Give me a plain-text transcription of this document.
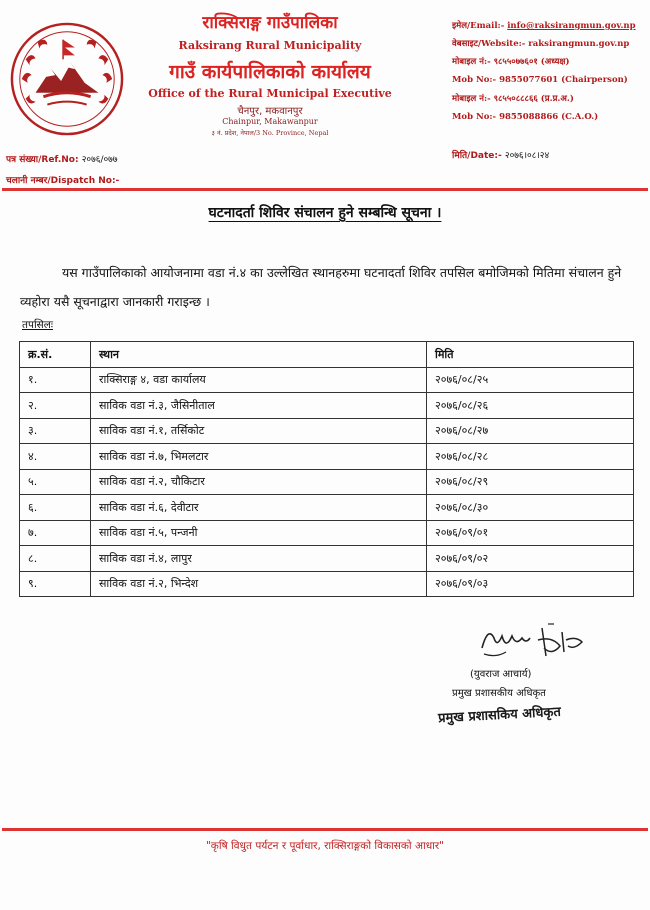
राक्सिराङ्ग गाउँपालिका
Raksirang Rural Municipality
गाउँ कार्यपालिकाको कार्यालय
Office of the Rural Municipal Executive
चैनपुर, मकवानपुर
Chainpur, Makawanpur
३ नं. प्रदेश, नेपाल/3 No. Province, Nepal
इमेल/Email:- info@raksirangmun.gov.np
वेबसाइट/Website:- raksirangmun.gov.np
मोबाइल नं:- ९८५५०७७६०१ (अध्यक्ष)
Mob No:- 9855077601 (Chairperson)
मोबाइल नं:- ९८५५०८८८६६ (प्र.प्र.अ.)
Mob No:- 9855088866 (C.A.O.)
पत्र संख्या/Ref.No: २०७६/०७७
चलानी नम्बर/Dispatch No:-
मिति/Date:- २०७६।०८।२४
घटनादर्ता शिविर संचालन हुने सम्बन्धि सूचना ।
यस गाउँपालिकाको आयोजनामा वडा नं.४ का उल्लेखित स्थानहरुमा घटनादर्ता शिविर तपसिल बमोजिमको मितिमा संचालन हुने व्यहोरा यसै सूचनाद्वारा जानकारी गराइन्छ ।
तपसिलः
क्र.सं.	स्थान	मिति
१.	राक्सिराङ्ग ४, वडा कार्यालय	२०७६/०८/२५
२.	साविक वडा नं.३, जैसिनीताल	२०७६/०८/२६
३.	साविक वडा नं.१, तर्सिकोट	२०७६/०८/२७
४.	साविक वडा नं.७, भिमलटार	२०७६/०८/२८
५.	साविक वडा नं.२, चौकिटार	२०७६/०८/२९
६.	साविक वडा नं.६, देवीटार	२०७६/०८/३०
७.	साविक वडा नं.५, पन्जनी	२०७६/०९/०१
८.	साविक वडा नं.४, लापुर	२०७६/०९/०२
९.	साविक वडा नं.२, भिन्देश	२०७६/०९/०३
(युवराज आचार्य)
प्रमुख प्रशासकीय अधिकृत
प्रमुख प्रशासकिय अधिकृत
"कृषि विधुत पर्यटन र पूर्वाधार, राक्सिराङ्गको विकासको आधार"
